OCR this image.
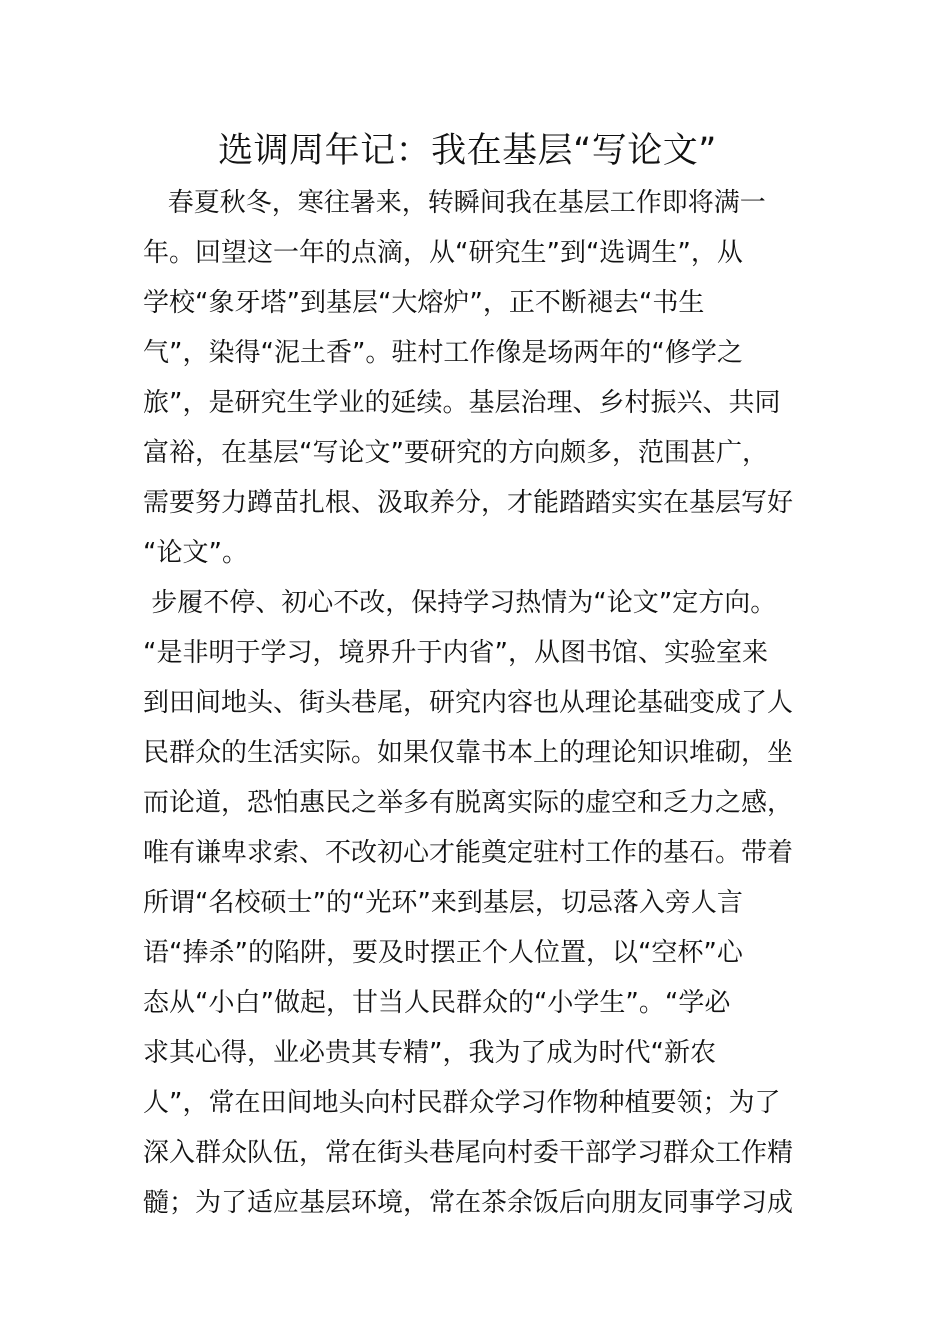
选调周年记：我在基层“写论文”
春夏秋冬，寒往暑来，转瞬间我在基层工作即将满一
年。回望这一年的点滴，从“研究生”到“选调生”，从
学校“象牙塔”到基层“大熔炉”，正不断褪去“书生
气”，染得“泥土香”。驻村工作像是场两年的“修学之
旅”，是研究生学业的延续。基层治理、乡村振兴、共同
富裕，在基层“写论文”要研究的方向颇多，范围甚广，
需要努力蹲苗扎根、汲取养分，才能踏踏实实在基层写好
“论文”。
步履不停、初心不改，保持学习热情为“论文”定方向。
“是非明于学习，境界升于内省”，从图书馆、实验室来
到田间地头、街头巷尾，研究内容也从理论基础变成了人
民群众的生活实际。如果仅靠书本上的理论知识堆砌，坐
而论道，恐怕惠民之举多有脱离实际的虚空和乏力之感，
唯有谦卑求索、不改初心才能奠定驻村工作的基石。带着
所谓“名校硕士”的“光环”来到基层，切忌落入旁人言
语“捧杀”的陷阱，要及时摆正个人位置，以“空杯”心
态从“小白”做起，甘当人民群众的“小学生”。“学必
求其心得，业必贵其专精”，我为了成为时代“新农
人”，常在田间地头向村民群众学习作物种植要领；为了
深入群众队伍，常在街头巷尾向村委干部学习群众工作精
髓；为了适应基层环境，常在茶余饭后向朋友同事学习成
